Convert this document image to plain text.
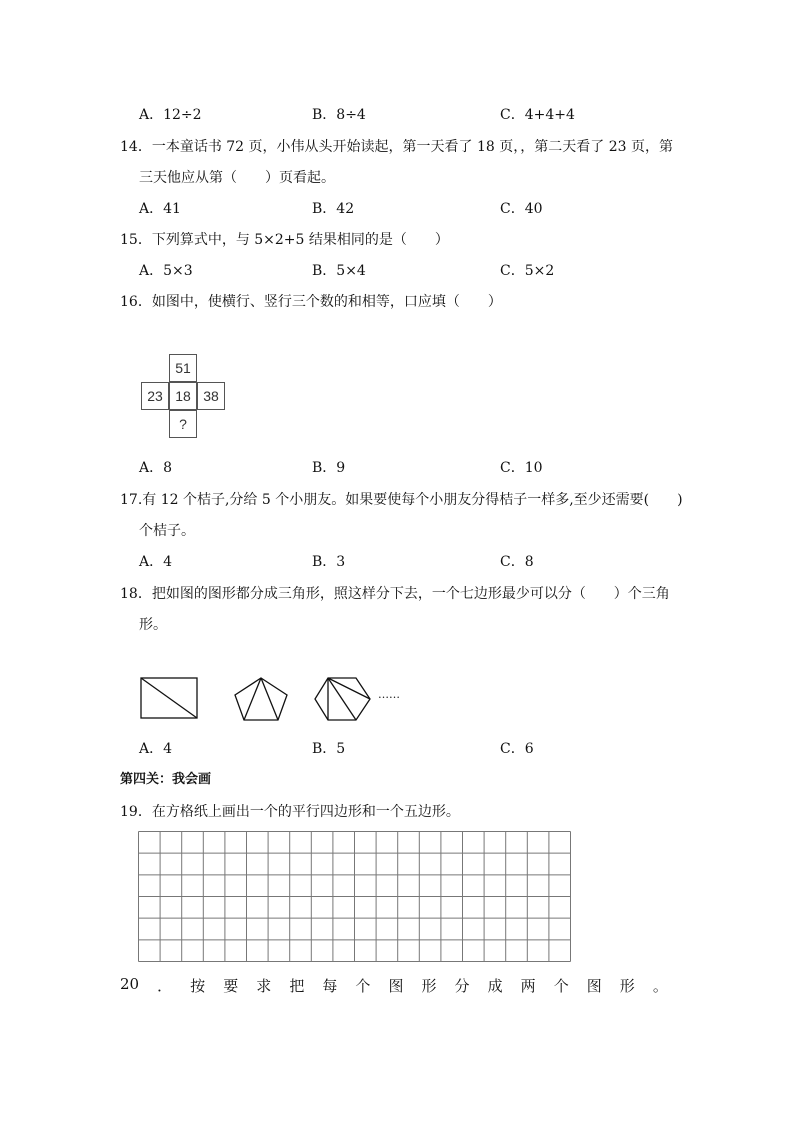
A．12÷2	B．8÷4	C．4+4+4
14．一本童话书 72 页，小伟从头开始读起，第一天看了 18 页，，第二天看了 23 页，第
三天他应从第（　　）页看起。
A．41	B．42	C．40
15．下列算式中，与 5×2+5 结果相同的是（　　）
A．5×3	B．5×4	C．5×2
16．如图中，使横行、竖行三个数的和相等，口应填（　　）
51
23 18 38
?
A．8	B．9	C．10
17.有 12 个桔子,分给 5 个小朋友。如果要使每个小朋友分得桔子一样多,至少还需要(　　)
个桔子。
A．4	B．3	C．8
18．把如图的图形都分成三角形，照这样分下去，一个七边形最少可以分（　　）个三角
形。
……
A．4	B．5	C．6
第四关：我会画
19．在方格纸上画出一个的平行四边形和一个五边形。
20 ． 按 要 求 把 每 个 图 形 分 成 两 个 图 形 。
